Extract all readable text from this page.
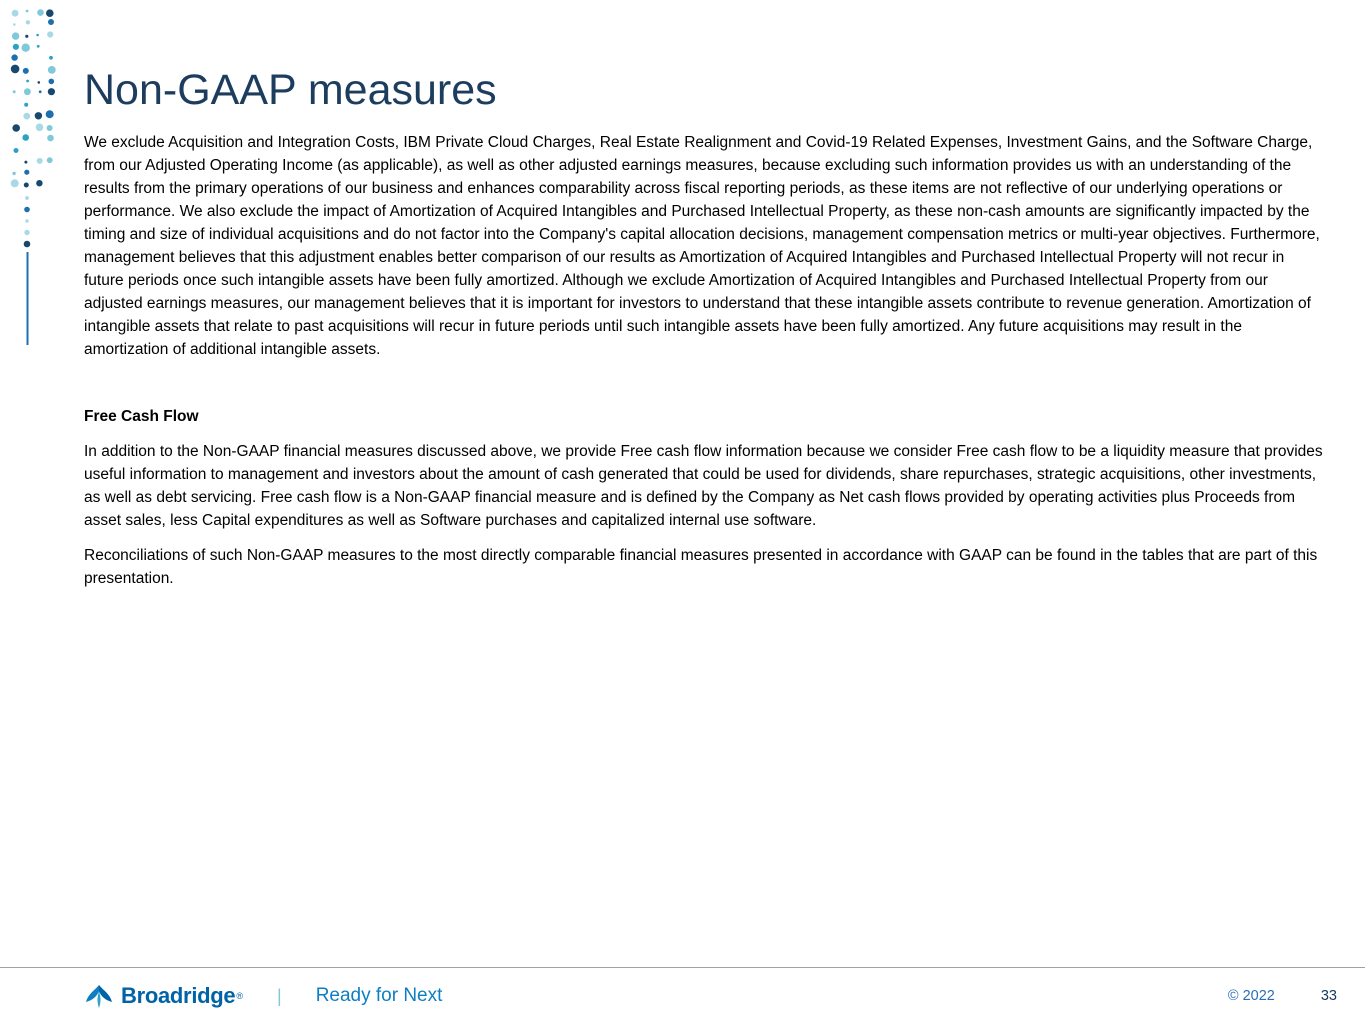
Non-GAAP measures

We exclude Acquisition and Integration Costs, IBM Private Cloud Charges, Real Estate Realignment and Covid-19 Related Expenses, Investment Gains, and the Software Charge, from our Adjusted Operating Income (as applicable), as well as other adjusted earnings measures, because excluding such information provides us with an understanding of the results from the primary operations of our business and enhances comparability across fiscal reporting periods, as these items are not reflective of our underlying operations or performance. We also exclude the impact of Amortization of Acquired Intangibles and Purchased Intellectual Property, as these non-cash amounts are significantly impacted by the timing and size of individual acquisitions and do not factor into the Company's capital allocation decisions, management compensation metrics or multi-year objectives. Furthermore, management believes that this adjustment enables better comparison of our results as Amortization of Acquired Intangibles and Purchased Intellectual Property will not recur in future periods once such intangible assets have been fully amortized. Although we exclude Amortization of Acquired Intangibles and Purchased Intellectual Property from our adjusted earnings measures, our management believes that it is important for investors to understand that these intangible assets contribute to revenue generation. Amortization of intangible assets that relate to past acquisitions will recur in future periods until such intangible assets have been fully amortized. Any future acquisitions may result in the amortization of additional intangible assets.

Free Cash Flow

In addition to the Non-GAAP financial measures discussed above, we provide Free cash flow information because we consider Free cash flow to be a liquidity measure that provides useful information to management and investors about the amount of cash generated that could be used for dividends, share repurchases, strategic acquisitions, other investments, as well as debt servicing. Free cash flow is a Non-GAAP financial measure and is defined by the Company as Net cash flows provided by operating activities plus Proceeds from asset sales, less Capital expenditures as well as Software purchases and capitalized internal use software.

Reconciliations of such Non-GAAP measures to the most directly comparable financial measures presented in accordance with GAAP can be found in the tables that are part of this presentation.

Broadridge ® | Ready for Next	© 2022	33
